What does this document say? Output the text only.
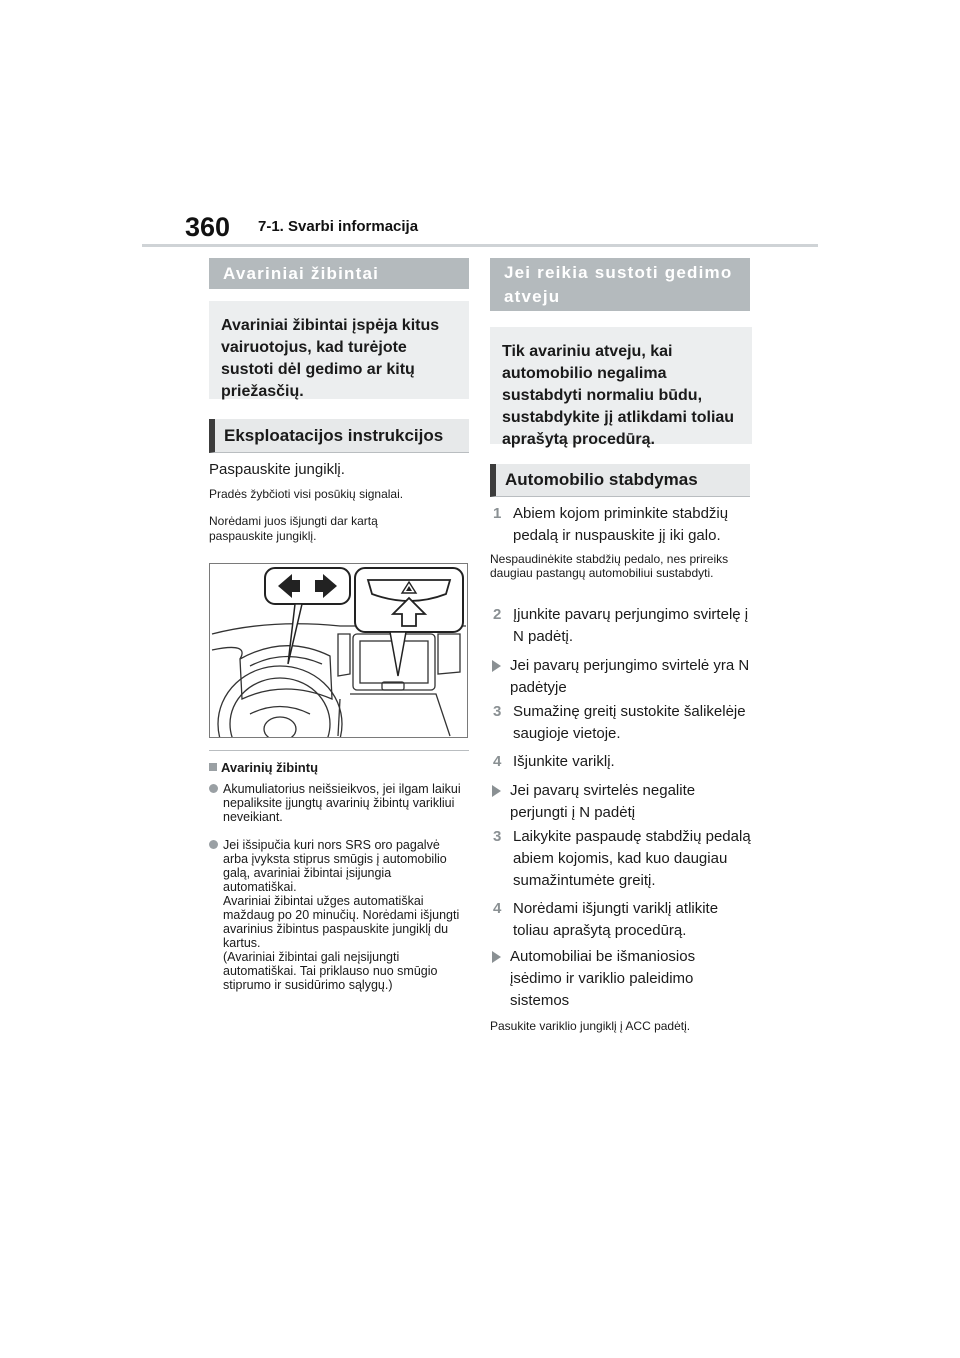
360 7-1. Svarbi informacija
Avariniai žibintai
Avariniai žibintai įspėja kitus vairuotojus, kad turėjote sustoti dėl gedimo ar kitų priežasčių.
Eksploatacijos instrukcijos
Paspauskite jungiklį.
Pradės žybčioti visi posūkių signalai.
Norėdami juos išjungti dar kartą paspauskite jungiklį.
Avarinių žibintų
Akumuliatorius neišsieikvos, jei ilgam laikui nepaliksite įjungtų avarinių žibintų varikliui neveikiant.
Jei išsipučia kuri nors SRS oro pagalvė arba įvyksta stiprus smūgis į automobilio galą, avariniai žibintai įsijungia automatiškai.
Avariniai žibintai užges automatiškai maždaug po 20 minučių. Norėdami išjungti avarinius žibintus paspauskite jungiklį du kartus.
(Avariniai žibintai gali neįsijungti automatiškai. Tai priklauso nuo smūgio stiprumo ir susidūrimo sąlygų.)
Jei reikia sustoti gedimo atveju
Tik avariniu atveju, kai automobilio negalima sustabdyti normaliu būdu, sustabdykite jį atlikdami toliau aprašytą procedūrą.
Automobilio stabdymas
1 Abiem kojom priminkite stabdžių pedalą ir nuspauskite jį iki galo.
Nespaudinėkite stabdžių pedalo, nes prireiks daugiau pastangų automobiliui sustabdyti.
2 Įjunkite pavarų perjungimo svirtelę į N padėtį.
Jei pavarų perjungimo svirtelė yra N padėtyje
3 Sumažinę greitį sustokite šalikelėje saugioje vietoje.
4 Išjunkite variklį.
Jei pavarų svirtelės negalite perjungti į N padėtį
3 Laikykite paspaudę stabdžių pedalą abiem kojomis, kad kuo daugiau sumažintumėte greitį.
4 Norėdami išjungti variklį atlikite toliau aprašytą procedūrą.
Automobiliai be išmaniosios įsėdimo ir variklio paleidimo sistemos
Pasukite variklio jungiklį į ACC padėtį.
